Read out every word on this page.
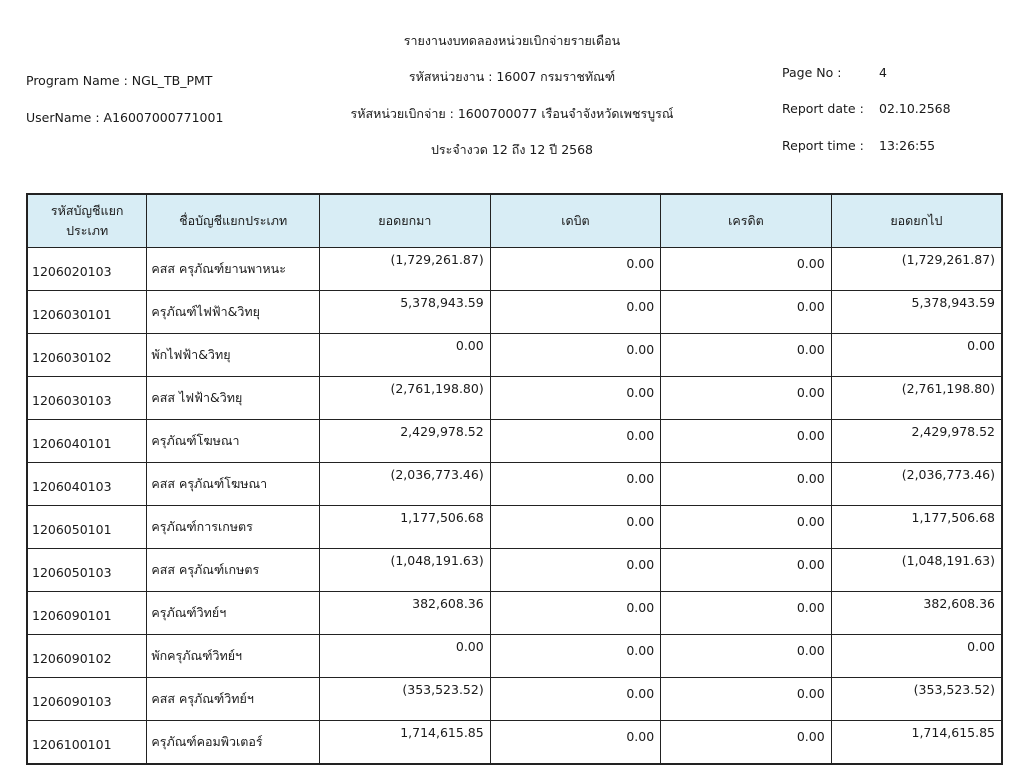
รายงานงบทดลองหน่วยเบิกจ่ายรายเดือน
รหัสหน่วยงาน : 16007 กรมราชทัณฑ์
รหัสหน่วยเบิกจ่าย : 1600700077 เรือนจำจังหวัดเพชรบูรณ์
ประจำงวด 12 ถึง 12 ปี 2568
Program Name : NGL_TB_PMT
UserName : A16007000771001
Page No :	4
Report date : 02.10.2568
Report time : 13:26:55
รหัสบัญชีแยกประเภท	ชื่อบัญชีแยกประเภท	ยอดยกมา	เดบิต	เครดิต	ยอดยกไป
1206020103	คสส ครุภัณฑ์ยานพาหนะ	(1,729,261.87)	0.00	0.00	(1,729,261.87)
1206030101	ครุภัณฑ์ไฟฟ้า&วิทยุ	5,378,943.59	0.00	0.00	5,378,943.59
1206030102	พักไฟฟ้า&วิทยุ	0.00	0.00	0.00	0.00
1206030103	คสส ไฟฟ้า&วิทยุ	(2,761,198.80)	0.00	0.00	(2,761,198.80)
1206040101	ครุภัณฑ์โฆษณา	2,429,978.52	0.00	0.00	2,429,978.52
1206040103	คสส ครุภัณฑ์โฆษณา	(2,036,773.46)	0.00	0.00	(2,036,773.46)
1206050101	ครุภัณฑ์การเกษตร	1,177,506.68	0.00	0.00	1,177,506.68
1206050103	คสส ครุภัณฑ์เกษตร	(1,048,191.63)	0.00	0.00	(1,048,191.63)
1206090101	ครุภัณฑ์วิทย์ฯ	382,608.36	0.00	0.00	382,608.36
1206090102	พักครุภัณฑ์วิทย์ฯ	0.00	0.00	0.00	0.00
1206090103	คสส ครุภัณฑ์วิทย์ฯ	(353,523.52)	0.00	0.00	(353,523.52)
1206100101	ครุภัณฑ์คอมพิวเตอร์	1,714,615.85	0.00	0.00	1,714,615.85
